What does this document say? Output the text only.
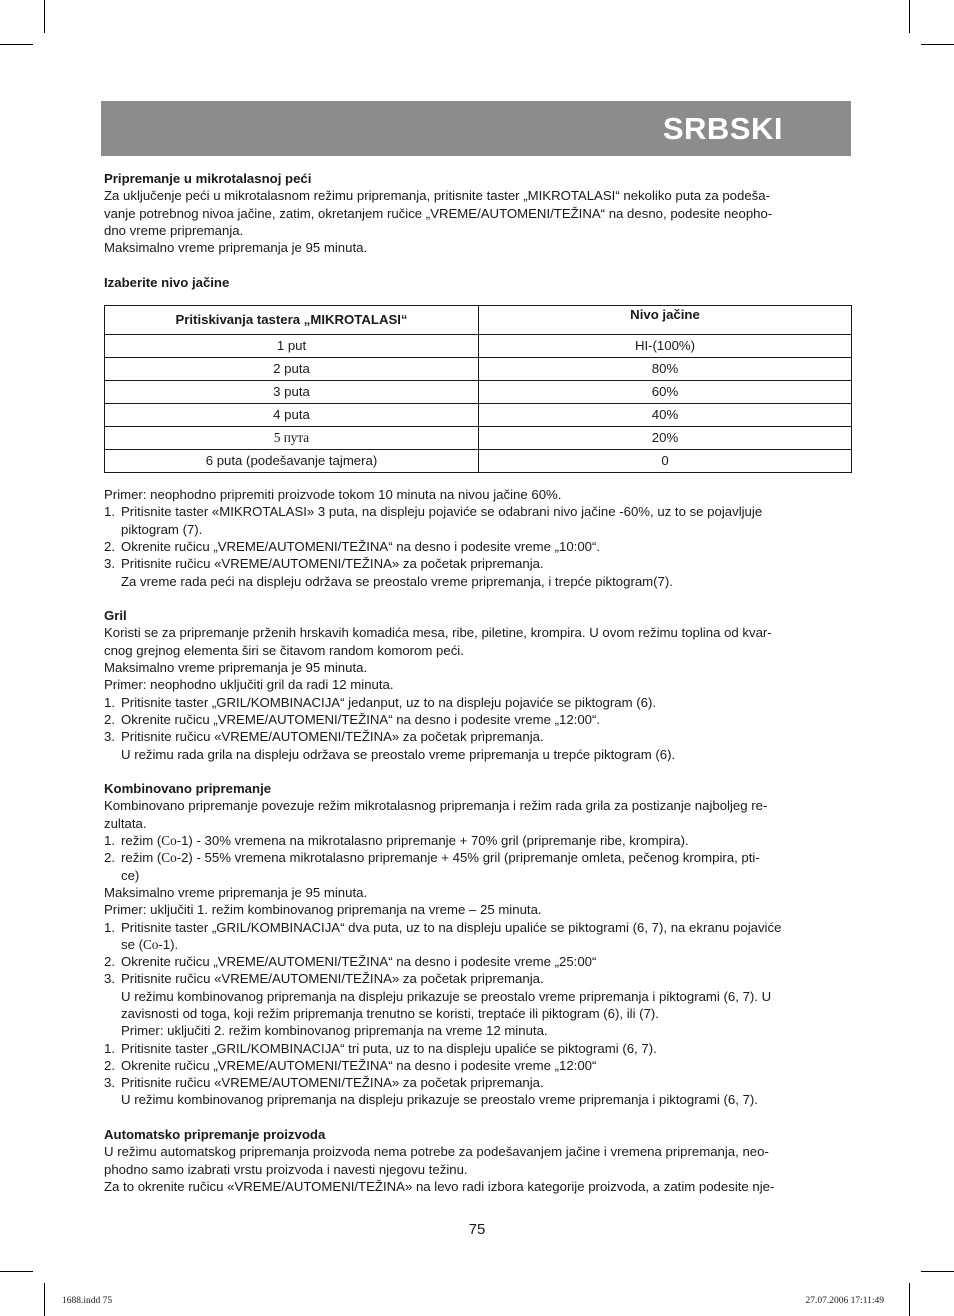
SRBSKI
Pripremanje u mikrotalasnoj peći
Za uključenje peći u mikrotalasnom režimu pripremanja, pritisnite taster „MIKROTALASI“ nekoliko puta za podeša-
vanje potrebnog nivoa jačine, zatim, okretanjem ručice „VREME/AUTOMENI/TEŽINA“ na desno, podesite neopho-
dno vreme pripremanja.
Maksimalno vreme pripremanja je 95 minuta.
Izaberite nivo jačine
Pritiskivanja tastera „MIKROTALASI“	Nivo jačine
1 put	HI-(100%)
2 puta	80%
3 puta	60%
4 puta	40%
5 пута	20%
6 puta (podešavanje tajmera)	0
Primer: neophodno pripremiti proizvode tokom 10 minuta na nivou jačine 60%.
1. Pritisnite taster «MIKROTALASI» 3 puta, na displeju pojaviće se odabrani nivo jačine -60%, uz to se pojavljuje
piktogram (7).
2. Okrenite ručicu „VREME/AUTOMENI/TEŽINA“ na desno i podesite vreme „10:00“.
3. Pritisnite ručicu «VREME/AUTOMENI/TEŽINA» za početak pripremanja.
Za vreme rada peći na displeju održava se preostalo vreme pripremanja, i trepće piktogram(7).
Gril
Koristi se za pripremanje prženih hrskavih komadića mesa, ribe, piletine, krompira. U ovom režimu toplina od kvar-
cnog grejnog elementa širi se čitavom random komorom peći.
Maksimalno vreme pripremanja je 95 minuta.
Primer: neophodno uključiti gril da radi 12 minuta.
1. Pritisnite taster „GRIL/KOMBINACIJA“ jedanput, uz to na displeju pojaviće se piktogram (6).
2. Okrenite ručicu „VREME/AUTOMENI/TEŽINA“ na desno i podesite vreme „12:00“.
3. Pritisnite ručicu «VREME/AUTOMENI/TEŽINA» za početak pripremanja.
U režimu rada grila na displeju održava se preostalo vreme pripremanja u trepće piktogram (6).
Kombinovano pripremanje
Kombinovano pripremanje povezuje režim mikrotalasnog pripremanja i režim rada grila za postizanje najboljeg re-
zultata.
1. režim (Co-1) - 30% vremena na mikrotalasno pripremanje + 70% gril (pripremanje ribe, krompira).
2. režim (Co-2) - 55% vremena mikrotalasno pripremanje + 45% gril (pripremanje omleta, pečenog krompira, pti-
ce)
Maksimalno vreme pripremanja je 95 minuta.
Primer: uključiti 1. režim kombinovanog pripremanja na vreme – 25 minuta.
1. Pritisnite taster „GRIL/KOMBINACIJA“ dva puta, uz to na displeju upaliće se piktogrami (6, 7), na ekranu pojaviće
se (Co-1).
2. Okrenite ručicu „VREME/AUTOMENI/TEŽINA“ na desno i podesite vreme „25:00“
3. Pritisnite ručicu «VREME/AUTOMENI/TEŽINA» za početak pripremanja.
U režimu kombinovanog pripremanja na displeju prikazuje se preostalo vreme pripremanja i piktogrami (6, 7). U
zavisnosti od toga, koji režim pripremanja trenutno se koristi, treptaće ili piktogram (6), ili (7).
Primer: uključiti 2. režim kombinovanog pripremanja na vreme 12 minuta.
1. Pritisnite taster „GRIL/KOMBINACIJA“ tri puta, uz to na displeju upaliće se piktogrami (6, 7).
2. Okrenite ručicu „VREME/AUTOMENI/TEŽINA“ na desno i podesite vreme „12:00“
3. Pritisnite ručicu «VREME/AUTOMENI/TEŽINA» za početak pripremanja.
U režimu kombinovanog pripremanja na displeju prikazuje se preostalo vreme pripremanja i piktogrami (6, 7).
Automatsko pripremanje proizvoda
U režimu automatskog pripremanja proizvoda nema potrebe za podešavanjem jačine i vremena pripremanja, neo-
phodno samo izabrati vrstu proizvoda i navesti njegovu težinu.
Za to okrenite ručicu «VREME/AUTOMENI/TEŽINA» na levo radi izbora kategorije proizvoda, a zatim podesite nje-
75
1688.indd 75	27.07.2006 17:11:49
